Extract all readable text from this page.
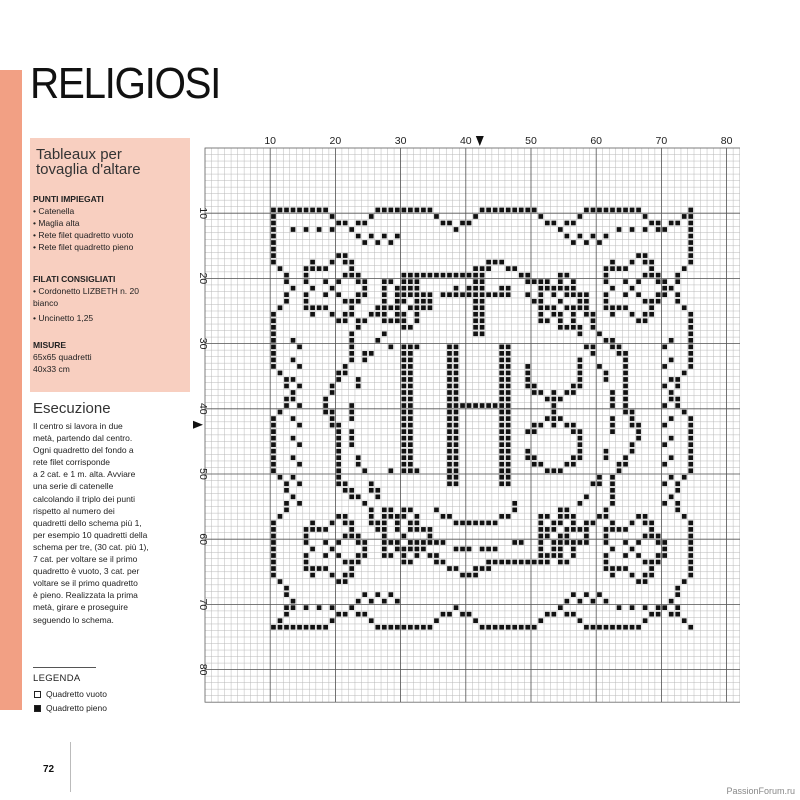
RELIGIOSI
Tableaux per
tovaglia d'altare
PUNTI IMPIEGATI
• Catenella
• Maglia alta
• Rete filet quadretto vuoto
• Rete filet quadretto pieno
FILATI CONSIGLIATI
• Cordonetto LIZBETH n. 20
bianco
• Uncinetto 1,25
MISURE
65x65 quadretti
40x33 cm
Esecuzione
Il centro si lavora in due
metà, partendo dal centro.
Ogni quadretto del fondo a
rete filet corrisponde
a 2 cat. e 1 m. alta. Avviare
una serie di catenelle
calcolando il triplo dei punti
rispetto al numero dei
quadretti dello schema più 1,
per esempio 10 quadretti della
schema per tre, (30 cat. più 1),
7 cat. per voltare se il primo
quadretto è vuoto, 3 cat. per
voltare se il primo quadretto
è pieno. Realizzata la prima
metà, girare e proseguire
seguendo lo schema.
LEGENDA
Quadretto vuoto
Quadretto pieno
72
PassionForum.ru
10	20	30	40	50	60	70	80
10
20
30
40
50
60
70
80
